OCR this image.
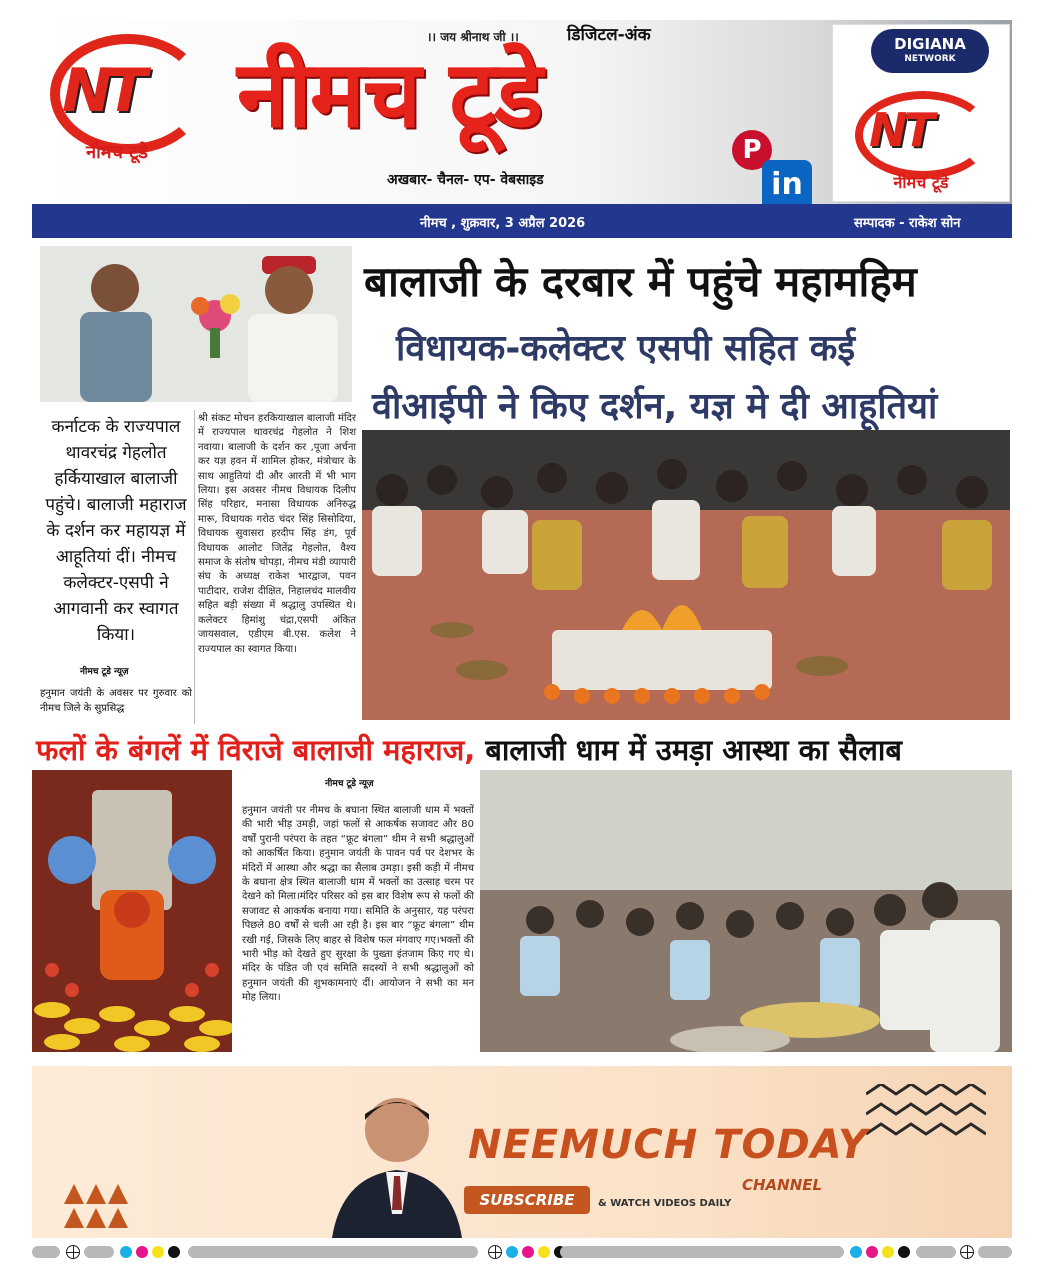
NT
नीमच टूडे
।। जय श्रीनाथ जी ।।	डिजिटल-अंक
नीमच टूडे
अखबार- चैनल- एप- वेबसाइड
P
in
DIGIANA
NETWORK
NT
नीमच टूडे
नीमच , शुक्रवार, 3 अप्रैल 2026	सम्पादक - राकेश सोन
बालाजी के दरबार में पहुंचे महामहिम
विधायक-कलेक्टर एसपी सहित कई
वीआईपी ने किए दर्शन, यज्ञ मे दी आहूतियां
कर्नाटक के राज्यपाल थावरचंद्र गेहलोत हर्कियाखाल बालाजी पहुंचे। बालाजी महाराज के दर्शन कर महायज्ञ में आहूतियां दीं। नीमच कलेक्टर-एसपी ने आगवानी कर स्वागत किया।
नीमच टूडे न्यूज़
हनुमान जयंती के अवसर पर गुरुवार को नीमच जिले के सुप्रसिद्ध
श्री संकट मोचन हरकियाखाल बालाजी मंदिर में राज्यपाल थावरचंद्र गेहलोत ने शिश नवाया। बालाजी के दर्शन कर ,पूजा अर्चना कर यज्ञ हवन में शामिल होकर, मंत्रोचार के साथ आहुतियां दी और आरती में भी भाग लिया। इस अवसर नीमच विधायक दिलीप सिंह परिहार, मनासा विधायक अनिरुद्ध मारू, विधायक गरोठ चंदर सिंह सिसोदिया, विधायक सुवासरा हरदीप सिंह डंग, पूर्व विधायक आलोट जितेंद्र गेहलोत, वैश्य समाज के संतोष चोपड़ा, नीमच मंडी व्यापारी संघ के अध्यक्ष राकेश भारद्वाज, पवन पाटीदार, राजेश दीक्षित, निहालचंद मालवीय सहित बड़ी संख्या में श्रद्धालु उपस्थित थे। कलेक्टर हिमांशु चंद्रा,एसपी अंकित जायसवाल, एडीएम बी.एस. कलेश ने राज्यपाल का स्वागत किया।
फलों के बंगलें में विराजे बालाजी महाराज, बालाजी धाम में उमड़ा आस्था का सैलाब
नीमच टूडे न्यूज़
हनुमान जयंती पर नीमच के बघाना स्थित बालाजी धाम में भक्तों की भारी भीड़ उमड़ी, जहां फलों से आकर्षक सजावट और 80 वर्षों पुरानी परंपरा के तहत “फ्रूट बंगला” थीम ने सभी श्रद्धालुओं को आकर्षित किया। हनुमान जयंती के पावन पर्व पर देशभर के मंदिरों में आस्था और श्रद्धा का सैलाब उमड़ा। इसी कड़ी में नीमच के बघाना क्षेत्र स्थित बालाजी धाम में भक्तों का उत्साह चरम पर देखने को मिला।मंदिर परिसर को इस बार विशेष रूप से फलों की सजावट से आकर्षक बनाया गया। समिति के अनुसार, यह परंपरा पिछले 80 वर्षों से चली आ रही है। इस बार “फ्रूट बंगला” थीम रखी गई, जिसके लिए बाहर से विशेष फल मंगवाए गए।भक्तों की भारी भीड़ को देखते हुए सुरक्षा के पुख्ता इंतजाम किए गए थे। मंदिर के पंडित जी एवं समिति सदस्यों ने सभी श्रद्धालुओं को हनुमान जयंती की शुभकामनाएं दीं। आयोजन ने सभी का मन मोह लिया।
NEEMUCH TODAY
CHANNEL
SUBSCRIBE	& WATCH VIDEOS DAILY
